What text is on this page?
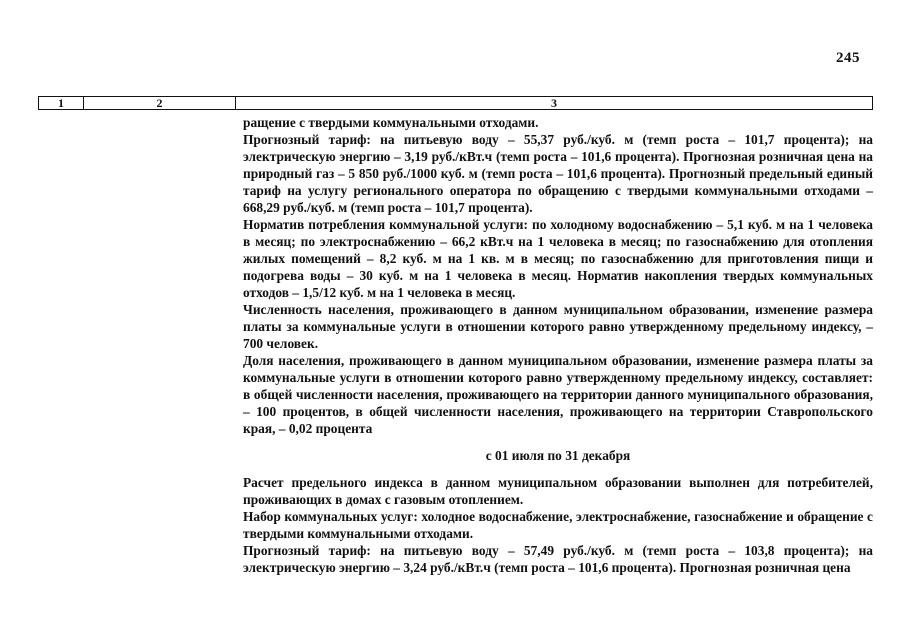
245
1	2	3

ращение с твердыми коммунальными отходами.

Прогнозный тариф: на питьевую воду – 55,37 руб./куб. м (темп роста – 101,7 процента); на электрическую энергию – 3,19 руб./кВт.ч (темп роста – 101,6 процента). Прогнозная розничная цена на природный газ – 5 850 руб./1000 куб. м (темп роста – 101,6 процента). Прогнозный предельный единый тариф на услугу регионального оператора по обращению с твердыми коммунальными отходами – 668,29 руб./куб. м (темп роста – 101,7 процента).

Норматив потребления коммунальной услуги: по холодному водоснабжению – 5,1 куб. м на 1 человека в месяц; по электроснабжению – 66,2 кВт.ч на 1 человека в месяц; по газоснабжению для отопления жилых помещений – 8,2 куб. м на 1 кв. м в месяц; по газоснабжению для приготовления пищи и подогрева воды – 30 куб. м на 1 человека в месяц. Норматив накопления твердых коммунальных отходов – 1,5/12 куб. м на 1 человека в месяц.

Численность населения, проживающего в данном муниципальном образовании, изменение размера платы за коммунальные услуги в отношении которого равно утвержденному предельному индексу, – 700 человек.

Доля населения, проживающего в данном муниципальном образовании, изменение размера платы за коммунальные услуги в отношении которого равно утвержденному предельному индексу, составляет: в общей численности населения, проживающего на территории данного муниципального образования, – 100 процентов, в общей численности населения, проживающего на территории Ставропольского края, – 0,02 процента

с 01 июля по 31 декабря

Расчет предельного индекса в данном муниципальном образовании выполнен для потребителей, проживающих в домах с газовым отоплением.

Набор коммунальных услуг: холодное водоснабжение, электроснабжение, газоснабжение и обращение с твердыми коммунальными отходами.

Прогнозный тариф: на питьевую воду – 57,49 руб./куб. м (темп роста – 103,8 процента); на электрическую энергию – 3,24 руб./кВт.ч (темп роста – 101,6 процента). Прогнозная розничная цена
